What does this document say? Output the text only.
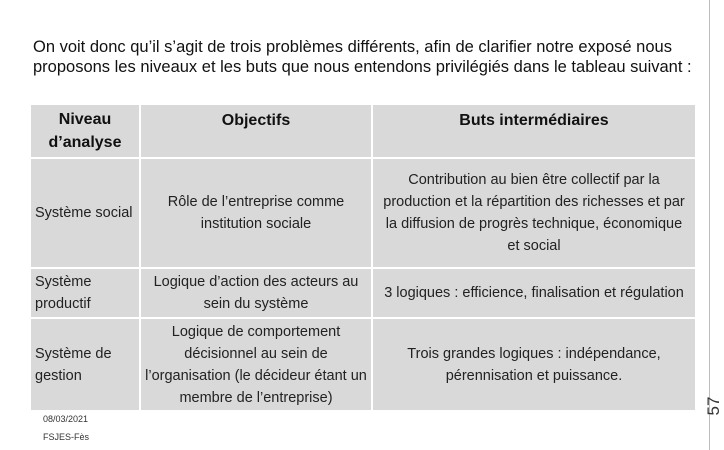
On voit donc qu’il s’agit de trois problèmes différents, afin de clarifier notre exposé nous proposons les niveaux et les buts que nous entendons privilégiés dans le tableau suivant :
Niveau d’analyse
Objectifs	Buts intermédiaires
Système social
Rôle de l’entreprise comme institution sociale
Contribution au bien être collectif par la production et la répartition des richesses et par la diffusion de progrès technique, économique et social
Système productif
Logique d’action des acteurs au sein du système
3 logiques : efficience, finalisation et régulation
Système de gestion
Logique de comportement décisionnel au sein de l’organisation (le décideur étant un membre de l’entreprise)
Trois grandes logiques : indépendance, pérennisation et puissance.
08/03/2021
FSJES-Fès
57
